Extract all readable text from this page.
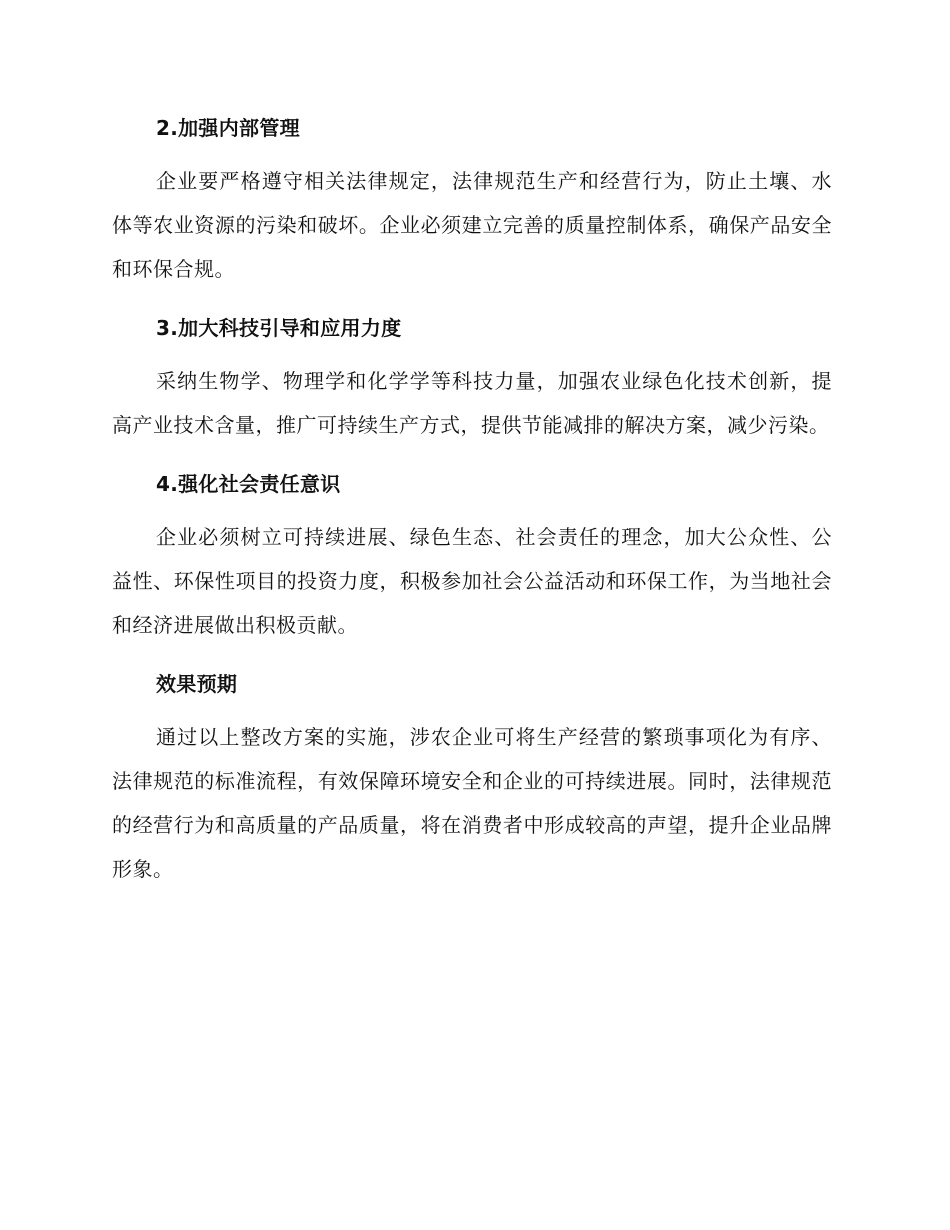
2.加强内部管理
企业要严格遵守相关法律规定，法律规范生产和经营行为，防止土壤、水体等农业资源的污染和破坏。企业必须建立完善的质量控制体系，确保产品安全和环保合规。
3.加大科技引导和应用力度
采纳生物学、物理学和化学学等科技力量，加强农业绿色化技术创新，提高产业技术含量，推广可持续生产方式，提供节能减排的解决方案，减少污染。
4.强化社会责任意识
企业必须树立可持续进展、绿色生态、社会责任的理念，加大公众性、公益性、环保性项目的投资力度，积极参加社会公益活动和环保工作，为当地社会和经济进展做出积极贡献。
效果预期
通过以上整改方案的实施，涉农企业可将生产经营的繁琐事项化为有序、法律规范的标准流程，有效保障环境安全和企业的可持续进展。同时，法律规范的经营行为和高质量的产品质量，将在消费者中形成较高的声望，提升企业品牌形象。
